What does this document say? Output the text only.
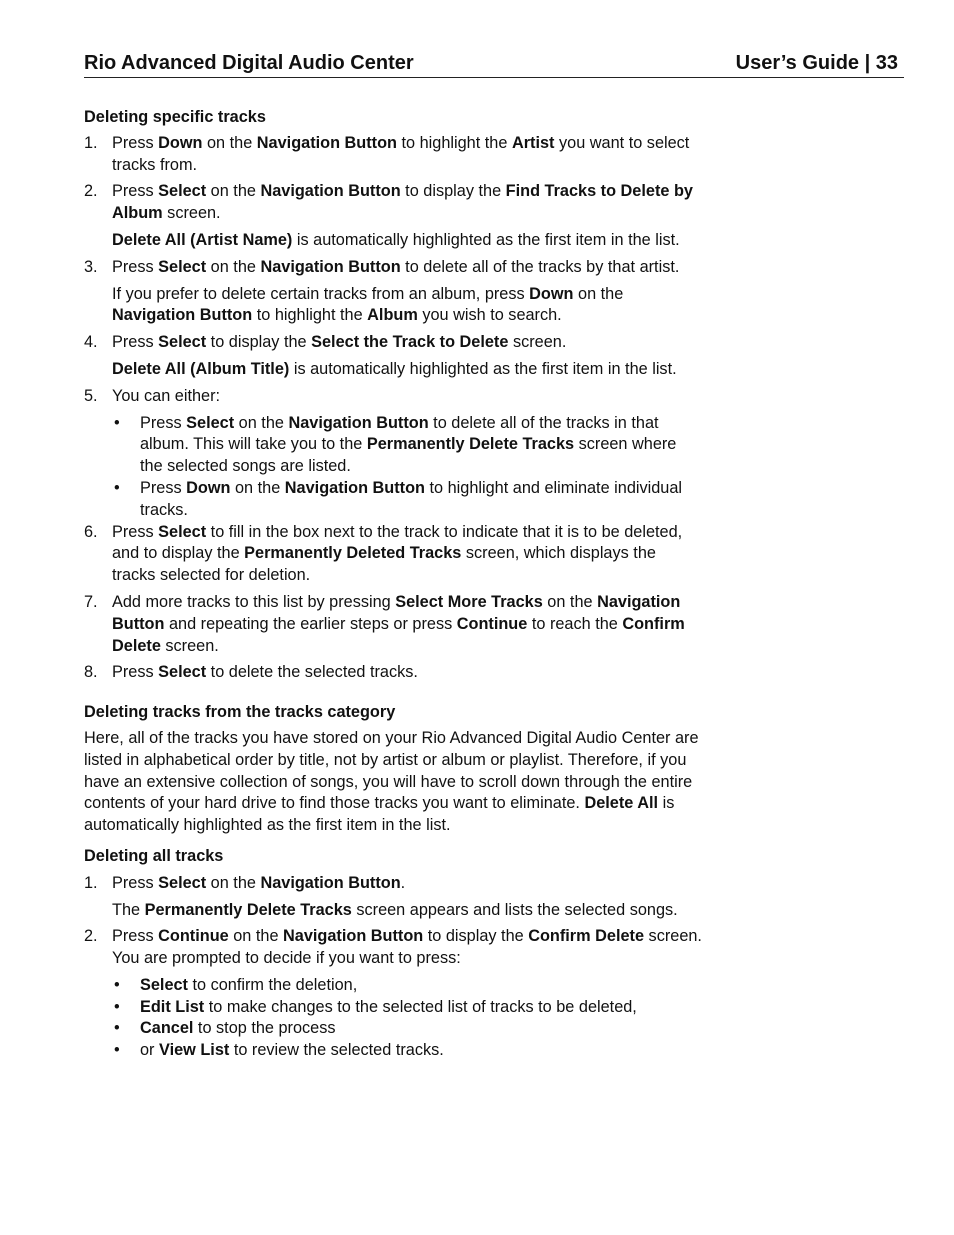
Rio Advanced Digital Audio Center	User’s Guide | 33
Deleting specific tracks
1. Press Down on the Navigation Button to highlight the Artist you want to select tracks from.
2. Press Select on the Navigation Button to display the Find Tracks to Delete by Album screen.
Delete All (Artist Name) is automatically highlighted as the first item in the list.
3. Press Select on the Navigation Button to delete all of the tracks by that artist.
If you prefer to delete certain tracks from an album, press Down on the Navigation Button to highlight the Album you wish to search.
4. Press Select to display the Select the Track to Delete screen.
Delete All (Album Title) is automatically highlighted as the first item in the list.
5. You can either:
• Press Select on the Navigation Button to delete all of the tracks in that album. This will take you to the Permanently Delete Tracks screen where the selected songs are listed.
• Press Down on the Navigation Button to highlight and eliminate individual tracks.
6. Press Select to fill in the box next to the track to indicate that it is to be deleted, and to display the Permanently Deleted Tracks screen, which displays the tracks selected for deletion.
7. Add more tracks to this list by pressing Select More Tracks on the Navigation Button and repeating the earlier steps or press Continue to reach the Confirm Delete screen.
8. Press Select to delete the selected tracks.
Deleting tracks from the tracks category
Here, all of the tracks you have stored on your Rio Advanced Digital Audio Center are listed in alphabetical order by title, not by artist or album or playlist. Therefore, if you have an extensive collection of songs, you will have to scroll down through the entire contents of your hard drive to find those tracks you want to eliminate. Delete All is automatically highlighted as the first item in the list.
Deleting all tracks
1. Press Select on the Navigation Button.
The Permanently Delete Tracks screen appears and lists the selected songs.
2. Press Continue on the Navigation Button to display the Confirm Delete screen. You are prompted to decide if you want to press:
• Select to confirm the deletion,
• Edit List to make changes to the selected list of tracks to be deleted,
• Cancel to stop the process
• or View List to review the selected tracks.
